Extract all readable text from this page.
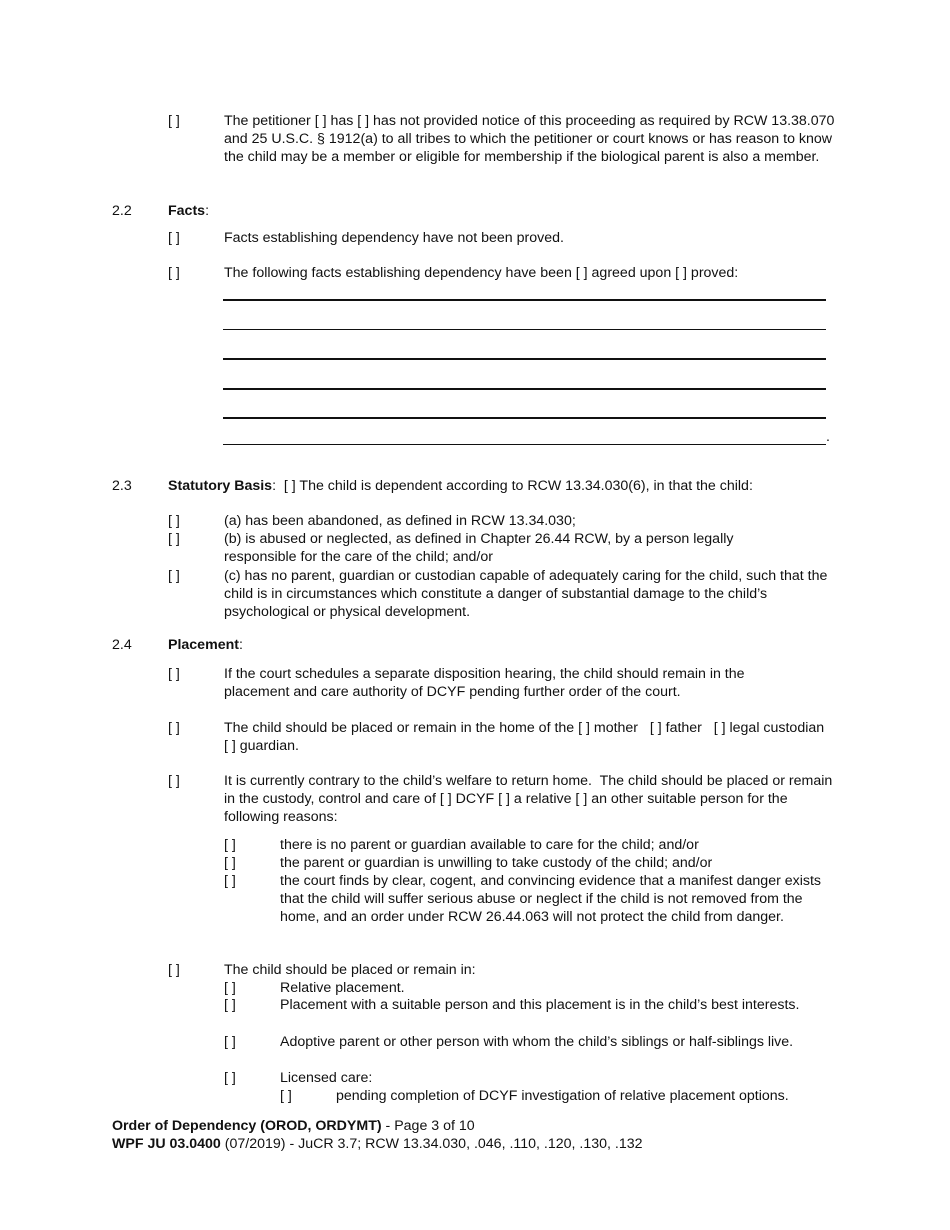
[ ]	The petitioner [ ] has [ ] has not provided notice of this proceeding as required by RCW 13.38.070 and 25 U.S.C. § 1912(a) to all tribes to which the petitioner or court knows or has reason to know the child may be a member or eligible for membership if the biological parent is also a member.
2.2	Facts:
[ ]	Facts establishing dependency have not been proved.
[ ]	The following facts establishing dependency have been [ ] agreed upon [ ] proved:
.
2.3	Statutory Basis:  [ ] The child is dependent according to RCW 13.34.030(6), in that the child:
[ ]	(a) has been abandoned, as defined in RCW 13.34.030;
[ ]	(b) is abused or neglected, as defined in Chapter 26.44 RCW, by a person legally responsible for the care of the child; and/or
[ ]	(c) has no parent, guardian or custodian capable of adequately caring for the child, such that the child is in circumstances which constitute a danger of substantial damage to the child’s psychological or physical development.
2.4	Placement:
[ ]	If the court schedules a separate disposition hearing, the child should remain in the placement and care authority of DCYF pending further order of the court.
[ ]	The child should be placed or remain in the home of the [ ] mother   [ ] father   [ ] legal custodian   [ ] guardian.
[ ]	It is currently contrary to the child’s welfare to return home.  The child should be placed or remain in the custody, control and care of [ ] DCYF [ ] a relative [ ] an other suitable person for the following reasons:
[ ]	there is no parent or guardian available to care for the child; and/or
[ ]	the parent or guardian is unwilling to take custody of the child; and/or
[ ]	the court finds by clear, cogent, and convincing evidence that a manifest danger exists that the child will suffer serious abuse or neglect if the child is not removed from the home, and an order under RCW 26.44.063 will not protect the child from danger.
[ ]	The child should be placed or remain in:
[ ]	Relative placement.
[ ]	Placement with a suitable person and this placement is in the child’s best interests.
[ ]	Adoptive parent or other person with whom the child’s siblings or half-siblings live.
[ ]	Licensed care:
[ ]	pending completion of DCYF investigation of relative placement options.
Order of Dependency (OROD, ORDYMT) - Page 3 of 10
WPF JU 03.0400 (07/2019) - JuCR 3.7; RCW 13.34.030, .046, .110, .120, .130, .132
